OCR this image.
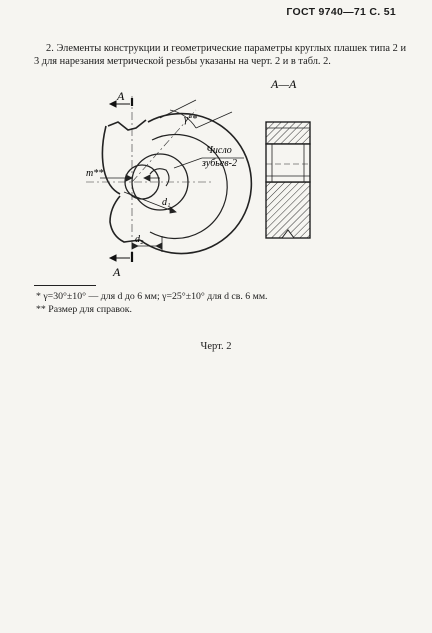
ГОСТ 9740—71 С. 51
2. Элементы конструкции и геометрические параметры круглых плашек типа 2 и 3 для нарезания метрической резьбы указаны на черт. 2 и в табл. 2.
А
А
γ°*
Число
зубьев-2
m**
d₁
d₂
А—А

* γ=30°±10° — для d до 6 мм; γ=25°±10° для d св. 6 мм.

** Размер для справок.

Черт. 2
